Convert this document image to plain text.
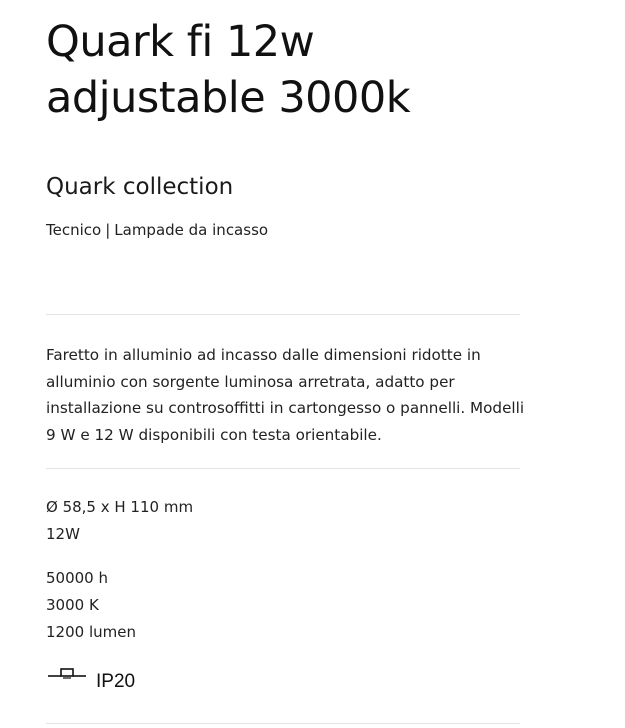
Quark fi 12w
adjustable 3000k
Quark collection
Tecnico | Lampade da incasso

Faretto in alluminio ad incasso dalle dimensioni ridotte in alluminio con sorgente luminosa arretrata, adatto per installazione su controsoffitti in cartongesso o pannelli. Modelli 9 W e 12 W disponibili con testa orientabile.

Ø 58,5 x H 110 mm
12W
50000 h
3000 K
1200 lumen
IP20
